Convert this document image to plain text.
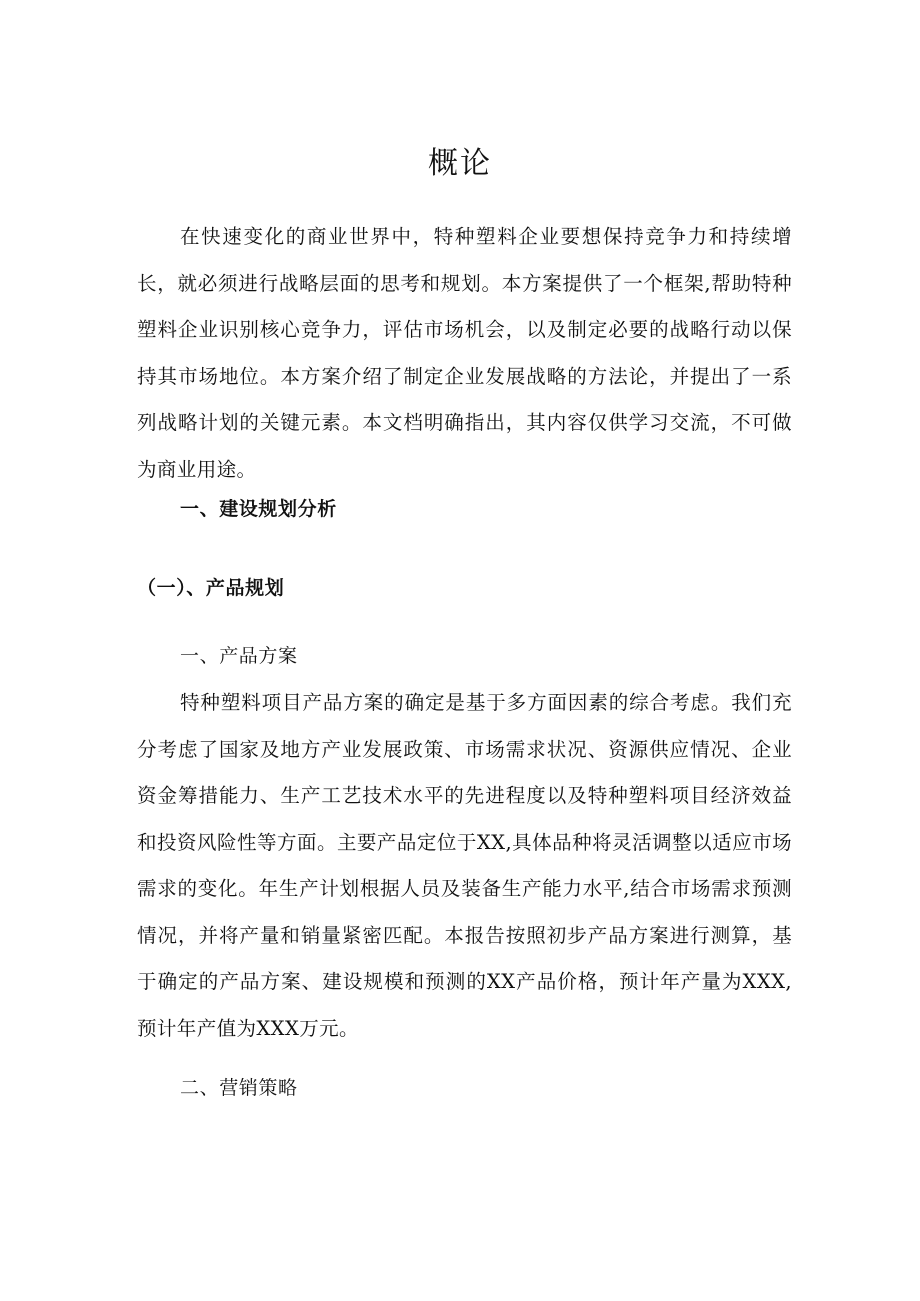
概论

在快速变化的商业世界中，特种塑料企业要想保持竞争力和持续增长，就必须进行战略层面的思考和规划。本方案提供了一个框架,帮助特种塑料企业识别核心竞争力，评估市场机会，以及制定必要的战略行动以保持其市场地位。本方案介绍了制定企业发展战略的方法论，并提出了一系列战略计划的关键元素。本文档明确指出，其内容仅供学习交流，不可做为商业用途。

一、建设规划分析
（一）、产品规划
一、产品方案

特种塑料项目产品方案的确定是基于多方面因素的综合考虑。我们充分考虑了国家及地方产业发展政策、市场需求状况、资源供应情况、企业资金筹措能力、生产工艺技术水平的先进程度以及特种塑料项目经济效益和投资风险性等方面。主要产品定位于XX,具体品种将灵活调整以适应市场需求的变化。年生产计划根据人员及装备生产能力水平,结合市场需求预测情况，并将产量和销量紧密匹配。本报告按照初步产品方案进行测算，基于确定的产品方案、建设规模和预测的XX产品价格，预计年产量为XXX,预计年产值为XXX万元。

二、营销策略
